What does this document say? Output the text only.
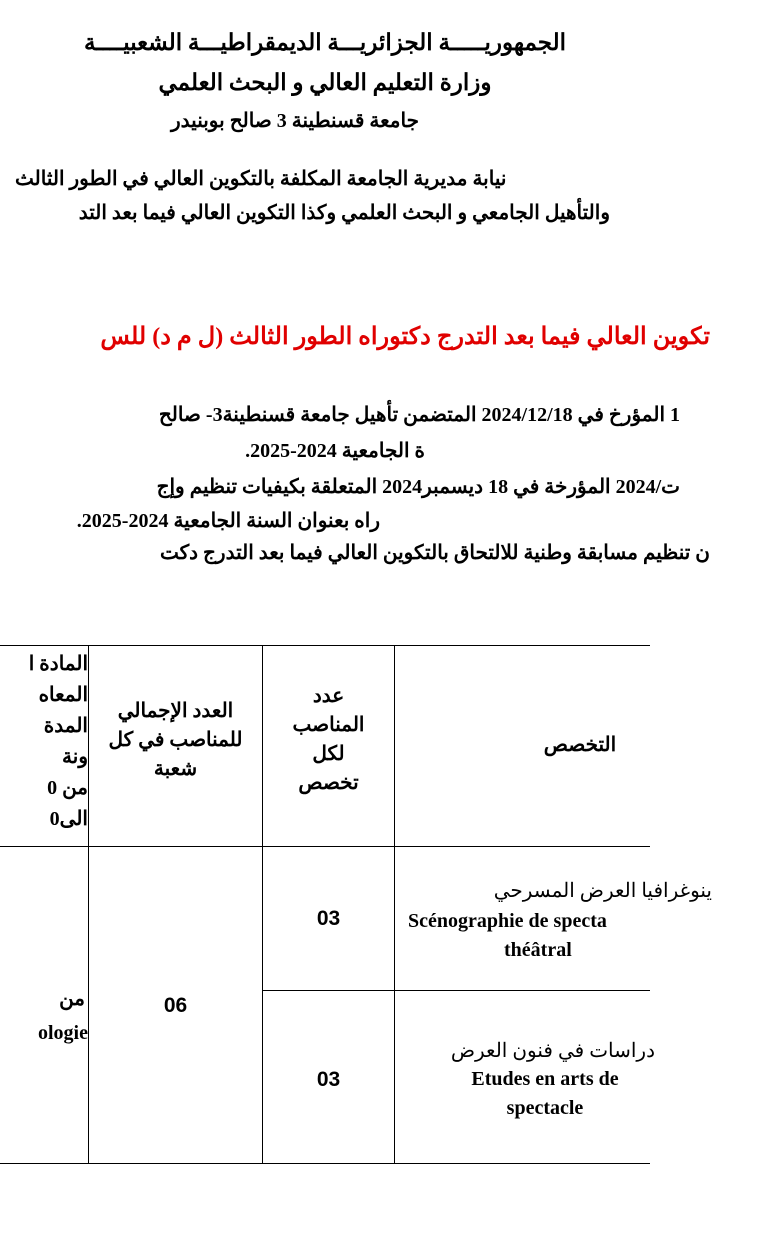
الجمهوريـــــة الجزائريـــة الديمقراطيـــة الشعبيــــة
وزارة التعليم العالي و البحث العلمي
جامعة قسنطينة 3 صالح بوبنيدر
نيابة مديرية الجامعة المكلفة بالتكوين العالي في الطور الثالث
والتأهيل الجامعي و البحث العلمي وكذا التكوين العالي فيما بعد التد
تكوين العالي فيما بعد التدرج دكتوراه الطور الثالث (ل م د) للس
1 المؤرخ في 2024/12/18 المتضمن تأهيل جامعة قسنطينة3- صالح
ة الجامعية 2024-2025.
ت/2024 المؤرخة في 18 ديسمبر2024 المتعلقة بكيفيات تنظيم وإج
راه بعنوان السنة الجامعية 2024-2025.
ن تنظيم مسابقة وطنية للالتحاق بالتكوين العالي فيما بعد التدرج دكت
المادة ا
المعاه
المدة
ونة
من 0
الى0
العدد الإجمالي
للمناصب في كل
شعبة
عدد
المناصب
لكل
تخصص
التخصص
من
ologie
06
03
ينوغرافيا العرض المسرحي
Scénographie de specta
théâtral
03
دراسات في فنون العرض
Etudes en arts de
spectacle
